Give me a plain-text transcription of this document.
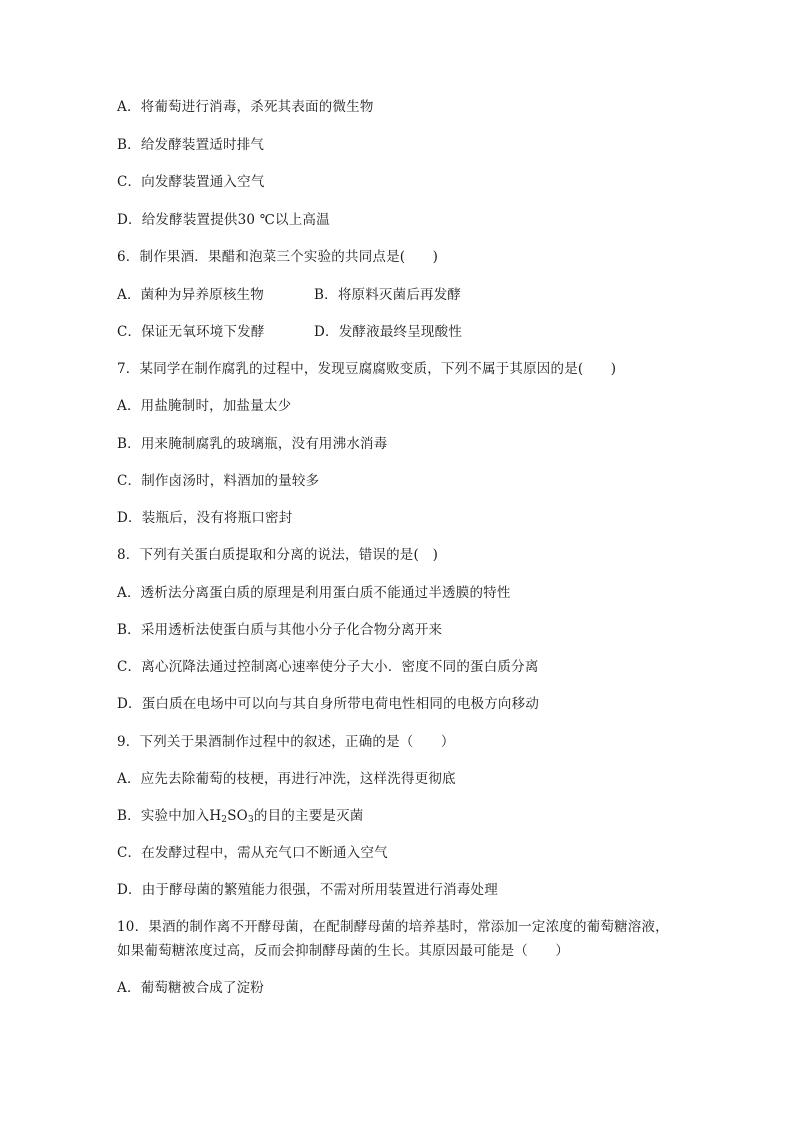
A．将葡萄进行消毒，杀死其表面的微生物
B．给发酵装置适时排气
C．向发酵装置通入空气
D．给发酵装置提供30 ℃以上高温
6．制作果酒．果醋和泡菜三个实验的共同点是(　　)
A．菌种为异养原核生物	B．将原料灭菌后再发酵
C．保证无氧环境下发酵	D．发酵液最终呈现酸性
7．某同学在制作腐乳的过程中，发现豆腐腐败变质，下列不属于其原因的是(　　)
A．用盐腌制时，加盐量太少
B．用来腌制腐乳的玻璃瓶，没有用沸水消毒
C．制作卤汤时，料酒加的量较多
D．装瓶后，没有将瓶口密封
8．下列有关蛋白质提取和分离的说法，错误的是(　)
A．透析法分离蛋白质的原理是利用蛋白质不能通过半透膜的特性
B．采用透析法使蛋白质与其他小分子化合物分离开来
C．离心沉降法通过控制离心速率使分子大小．密度不同的蛋白质分离
D．蛋白质在电场中可以向与其自身所带电荷电性相同的电极方向移动
9．下列关于果酒制作过程中的叙述，正确的是（　　）
A．应先去除葡萄的枝梗，再进行冲洗，这样洗得更彻底
B．实验中加入$H_2SO_3$的目的主要是灭菌
C．在发酵过程中，需从充气口不断通入空气
D．由于酵母菌的繁殖能力很强，不需对所用装置进行消毒处理
10．果酒的制作离不开酵母菌，在配制酵母菌的培养基时，常添加一定浓度的葡萄糖溶液，如果葡萄糖浓度过高，反而会抑制酵母菌的生长。其原因最可能是（　　）
A．葡萄糖被合成了淀粉
